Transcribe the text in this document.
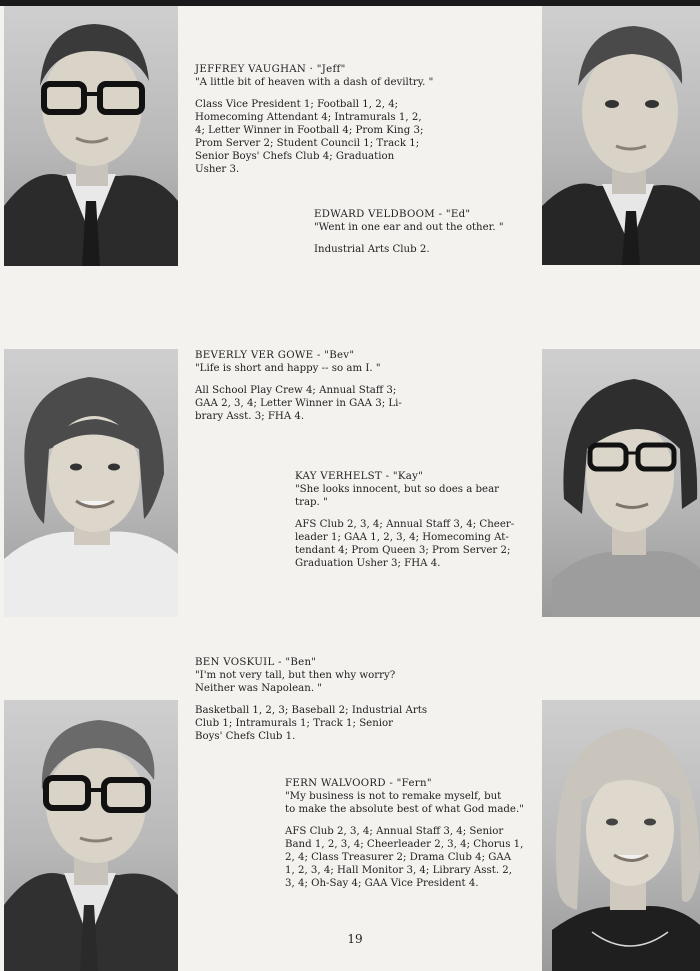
JEFFREY VAUGHAN · "Jeff"

"A little bit of heaven with a dash of deviltry. "

Class Vice President 1; Football 1, 2, 4;
Homecoming Attendant 4; Intramurals 1, 2,
4; Letter Winner in Football 4; Prom King 3;
Prom Server 2; Student Council 1; Track 1;
Senior Boys' Chefs Club 4; Graduation
Usher 3.

EDWARD VELDBOOM - "Ed"

"Went in one ear and out the other. "

Industrial Arts Club 2.

BEVERLY VER GOWE - "Bev"

"Life is short and happy -- so am I. "

All School Play Crew 4; Annual Staff 3;
GAA 2, 3, 4; Letter Winner in GAA 3; Li-
brary Asst. 3; FHA 4.

KAY VERHELST - "Kay"

"She looks innocent, but so does a bear
trap. "

AFS Club 2, 3, 4; Annual Staff 3, 4; Cheer-
leader 1; GAA 1, 2, 3, 4; Homecoming At-
tendant 4; Prom Queen 3; Prom Server 2;
Graduation Usher 3; FHA 4.

BEN VOSKUIL - "Ben"

"I'm not very tall, but then why worry?
Neither was Napolean. "

Basketball 1, 2, 3; Baseball 2; Industrial Arts
Club 1; Intramurals 1; Track 1; Senior
Boys' Chefs Club 1.

FERN WALVOORD - "Fern"

"My business is not to remake myself, but
to make the absolute best of what God made."

AFS Club 2, 3, 4; Annual Staff 3, 4; Senior
Band 1, 2, 3, 4; Cheerleader 2, 3, 4; Chorus 1,
2, 4; Class Treasurer 2; Drama Club 4; GAA
1, 2, 3, 4; Hall Monitor 3, 4; Library Asst. 2,
3, 4; Oh-Say 4; GAA Vice President 4.

19
